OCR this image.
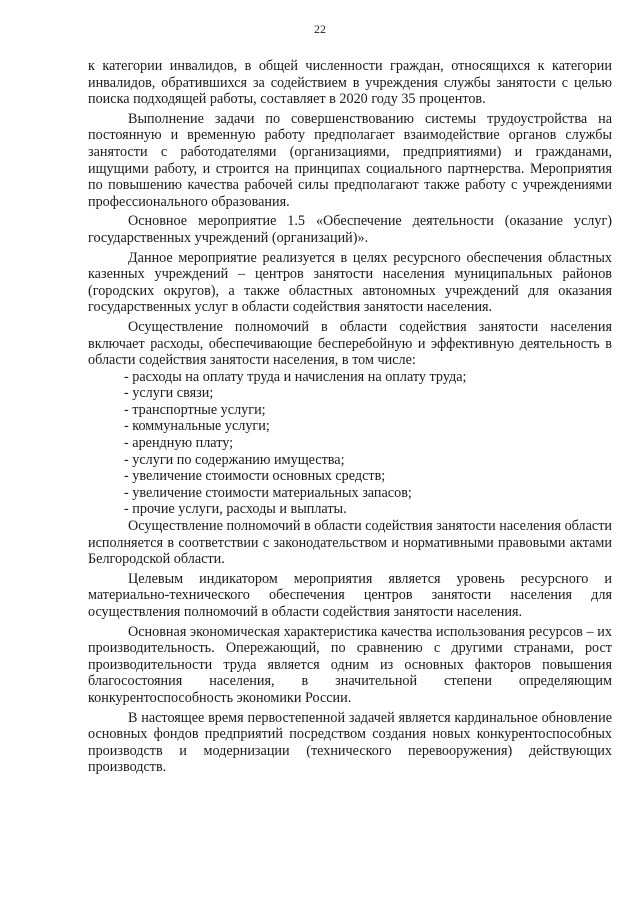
22

к категории инвалидов, в общей численности граждан, относящихся к категории инвалидов, обратившихся за содействием в учреждения службы занятости с целью поиска подходящей работы, составляет в 2020 году 35 процентов.

Выполнение задачи по совершенствованию системы трудоустройства на постоянную и временную работу предполагает взаимодействие органов службы занятости с работодателями (организациями, предприятиями) и гражданами, ищущими работу, и строится на принципах социального партнерства. Мероприятия по повышению качества рабочей силы предполагают также работу с учреждениями профессионального образования.

Основное мероприятие 1.5 «Обеспечение деятельности (оказание услуг) государственных учреждений (организаций)».

Данное мероприятие реализуется в целях ресурсного обеспечения областных казенных учреждений – центров занятости населения муниципальных районов (городских округов), а также областных автономных учреждений для оказания государственных услуг в области содействия занятости населения.

Осуществление полномочий в области содействия занятости населения включает расходы, обеспечивающие бесперебойную и эффективную деятельность в области содействия занятости населения, в том числе:

- расходы на оплату труда и начисления на оплату труда;
- услуги связи;
- транспортные услуги;
- коммунальные услуги;
- арендную плату;
- услуги по содержанию имущества;
- увеличение стоимости основных средств;
- увеличение стоимости материальных запасов;
- прочие услуги, расходы и выплаты.

Осуществление полномочий в области содействия занятости населения области исполняется в соответствии с законодательством и нормативными правовыми актами Белгородской области.

Целевым индикатором мероприятия является уровень ресурсного и материально-технического обеспечения центров занятости населения для осуществления полномочий в области содействия занятости населения.

Основная экономическая характеристика качества использования ресурсов – их производительность. Опережающий, по сравнению с другими странами, рост производительности труда является одним из основных факторов повышения благосостояния населения, в значительной степени определяющим конкурентоспособность экономики России.

В настоящее время первостепенной задачей является кардинальное обновление основных фондов предприятий посредством создания новых конкурентоспособных производств и модернизации (технического перевооружения) действующих производств.
